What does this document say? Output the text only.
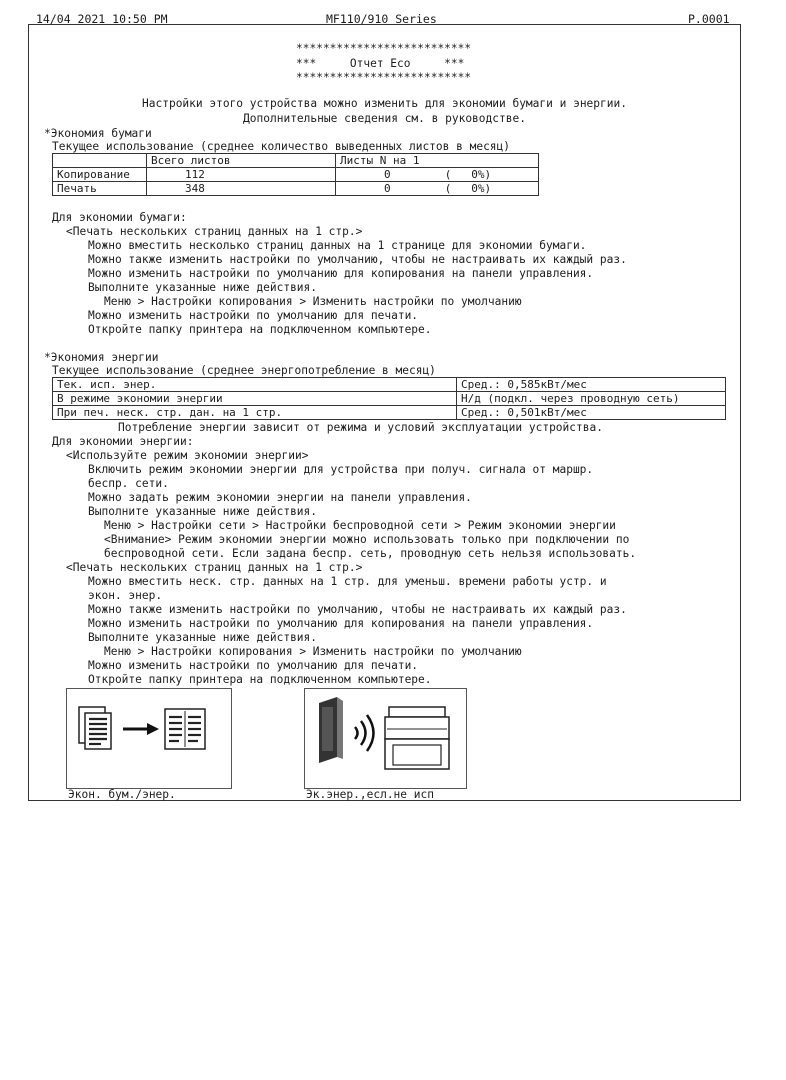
14/04 2021 10:50 PM	MF110/910 Series	P.0001
**************************
***     Отчет Eco     ***
**************************
Настройки этого устройства можно изменить для экономии бумаги и энергии.
Дополнительные сведения см. в руководстве.
*Экономия бумаги
Текущее использование (среднее количество выведенных листов в месяц)
	Всего листов	Листы N на 1	
Копирование	112	0	(   0%)
Печать	348	0	(   0%)
Для экономии бумаги:
<Печать нескольких страниц данных на 1 стр.>
Можно вместить несколько страниц данных на 1 странице для экономии бумаги.
Можно также изменить настройки по умолчанию, чтобы не настраивать их каждый раз.
Можно изменить настройки по умолчанию для копирования на панели управления.
Выполните указанные ниже действия.
Меню > Настройки копирования > Изменить настройки по умолчанию
Можно изменить настройки по умолчанию для печати.
Откройте папку принтера на подключенном компьютере.
*Экономия энергии
Текущее использование (среднее энергопотребление в месяц)
Тек. исп. энер.	Сред.: 0,585кВт/мес
В режиме экономии энергии	Н/д (подкл. через проводную сеть)
При печ. неск. стр. дан. на 1 стр.	Сред.: 0,501кВт/мес
Потребление энергии зависит от режима и условий эксплуатации устройства.
Для экономии энергии:
<Используйте режим экономии энергии>
Включить режим экономии энергии для устройства при получ. сигнала от маршр.
беспр. сети.
Можно задать режим экономии энергии на панели управления.
Выполните указанные ниже действия.
Меню > Настройки сети > Настройки беспроводной сети > Режим экономии энергии
<Внимание> Режим экономии энергии можно использовать только при подключении по
беспроводной сети. Если задана беспр. сеть, проводную сеть нельзя использовать.
<Печать нескольких страниц данных на 1 стр.>
Можно вместить неск. стр. данных на 1 стр. для уменьш. времени работы устр. и
экон. энер.
Можно также изменить настройки по умолчанию, чтобы не настраивать их каждый раз.
Можно изменить настройки по умолчанию для копирования на панели управления.
Выполните указанные ниже действия.
Меню > Настройки копирования > Изменить настройки по умолчанию
Можно изменить настройки по умолчанию для печати.
Откройте папку принтера на подключенном компьютере.
Экон. бум./энер.	Эк.энер.,есл.не исп
